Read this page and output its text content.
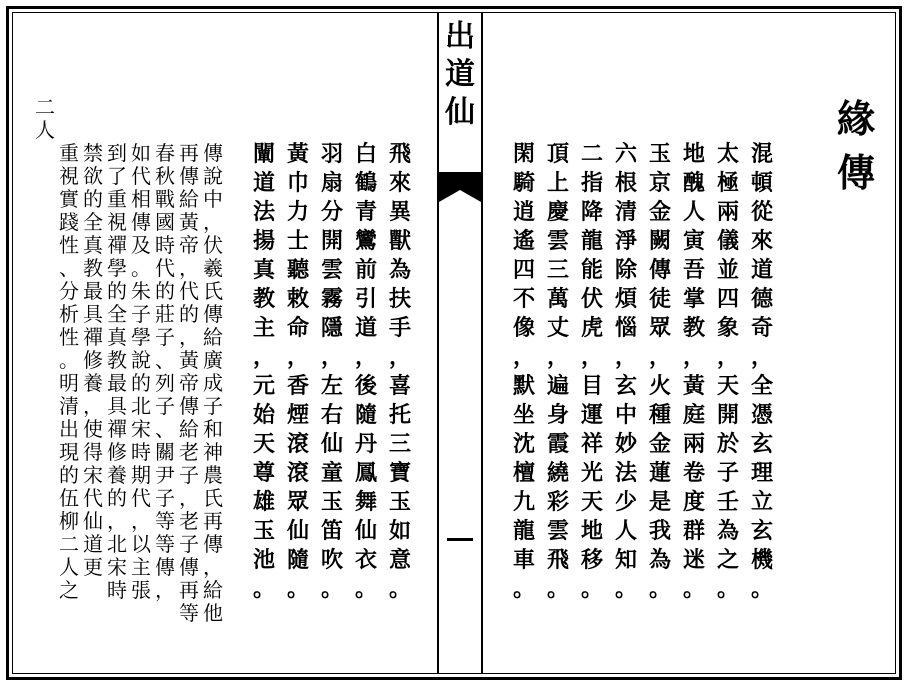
出
道
仙	緣
傳
混
頓
從
來
道
德
奇
，
全
憑
玄
理
立
玄
機
。
太
極
兩
儀
並
四
象
，
天
開
於
子
壬
為
之
。
地
醜
人
寅
吾
掌
教
，
黃
庭
兩
卷
度
群
迷
。
玉
京
金
闕
傳
徒
眾
，
火
種
金
蓮
是
我
為
。
六
根
清
淨
除
煩
惱
，
玄
中
妙
法
少
人
知
。
二
指
降
龍
能
伏
虎
，
目
運
祥
光
天
地
移
。
頂
上
慶
雲
三
萬
丈
，
遍
身
霞
繞
彩
雲
飛
。
閑
騎
逍
遙
四
不
像
，
默
坐
沈
檀
九
龍
車
。
飛
來
異
獸
為
扶
手
，
喜
托
三
寶
玉
如
意
。
白
鶴
青
鸞
前
引
道
，
後
隨
丹
鳳
舞
仙
衣
。
羽
扇
分
開
雲
霧
隱
，
左
右
仙
童
玉
笛
吹
。
黃
巾
力
士
聽
敕
命
，
香
煙
滾
滾
眾
仙
隨
。
闡
道
法
揚
真
教
主
，
元
始
天
尊
雄
玉
池
。
傳
說
中
，
伏
羲
氏
傳
給
廣
成
子
和
神
農
氏
再
傳
，
給
他
再
傳
給
黃
帝
，
代
的
，
黃
帝
傳
給
老
子
，
老
子
傳
再
等
春
秋
戰
國
時
代
的
莊
子
、
列
子
、
關
尹
子
等
等
傳
，
如
代
相
傳
及
。
朱
子
學
說
的
北
宋
時
期
代
，
以
主
張
到
了
重
視
禪
學
的
全
真
教
最
具
禪
修
養
的
，
北
宋
時
禁
欲
的
全
真
教
最
具
禪
修
養
，
使
得
宋
代
仙
道
更
重
視
實
踐
性
、
分
析
性
。
明
清
出
現
的
伍
柳
二
人
之
二
人
